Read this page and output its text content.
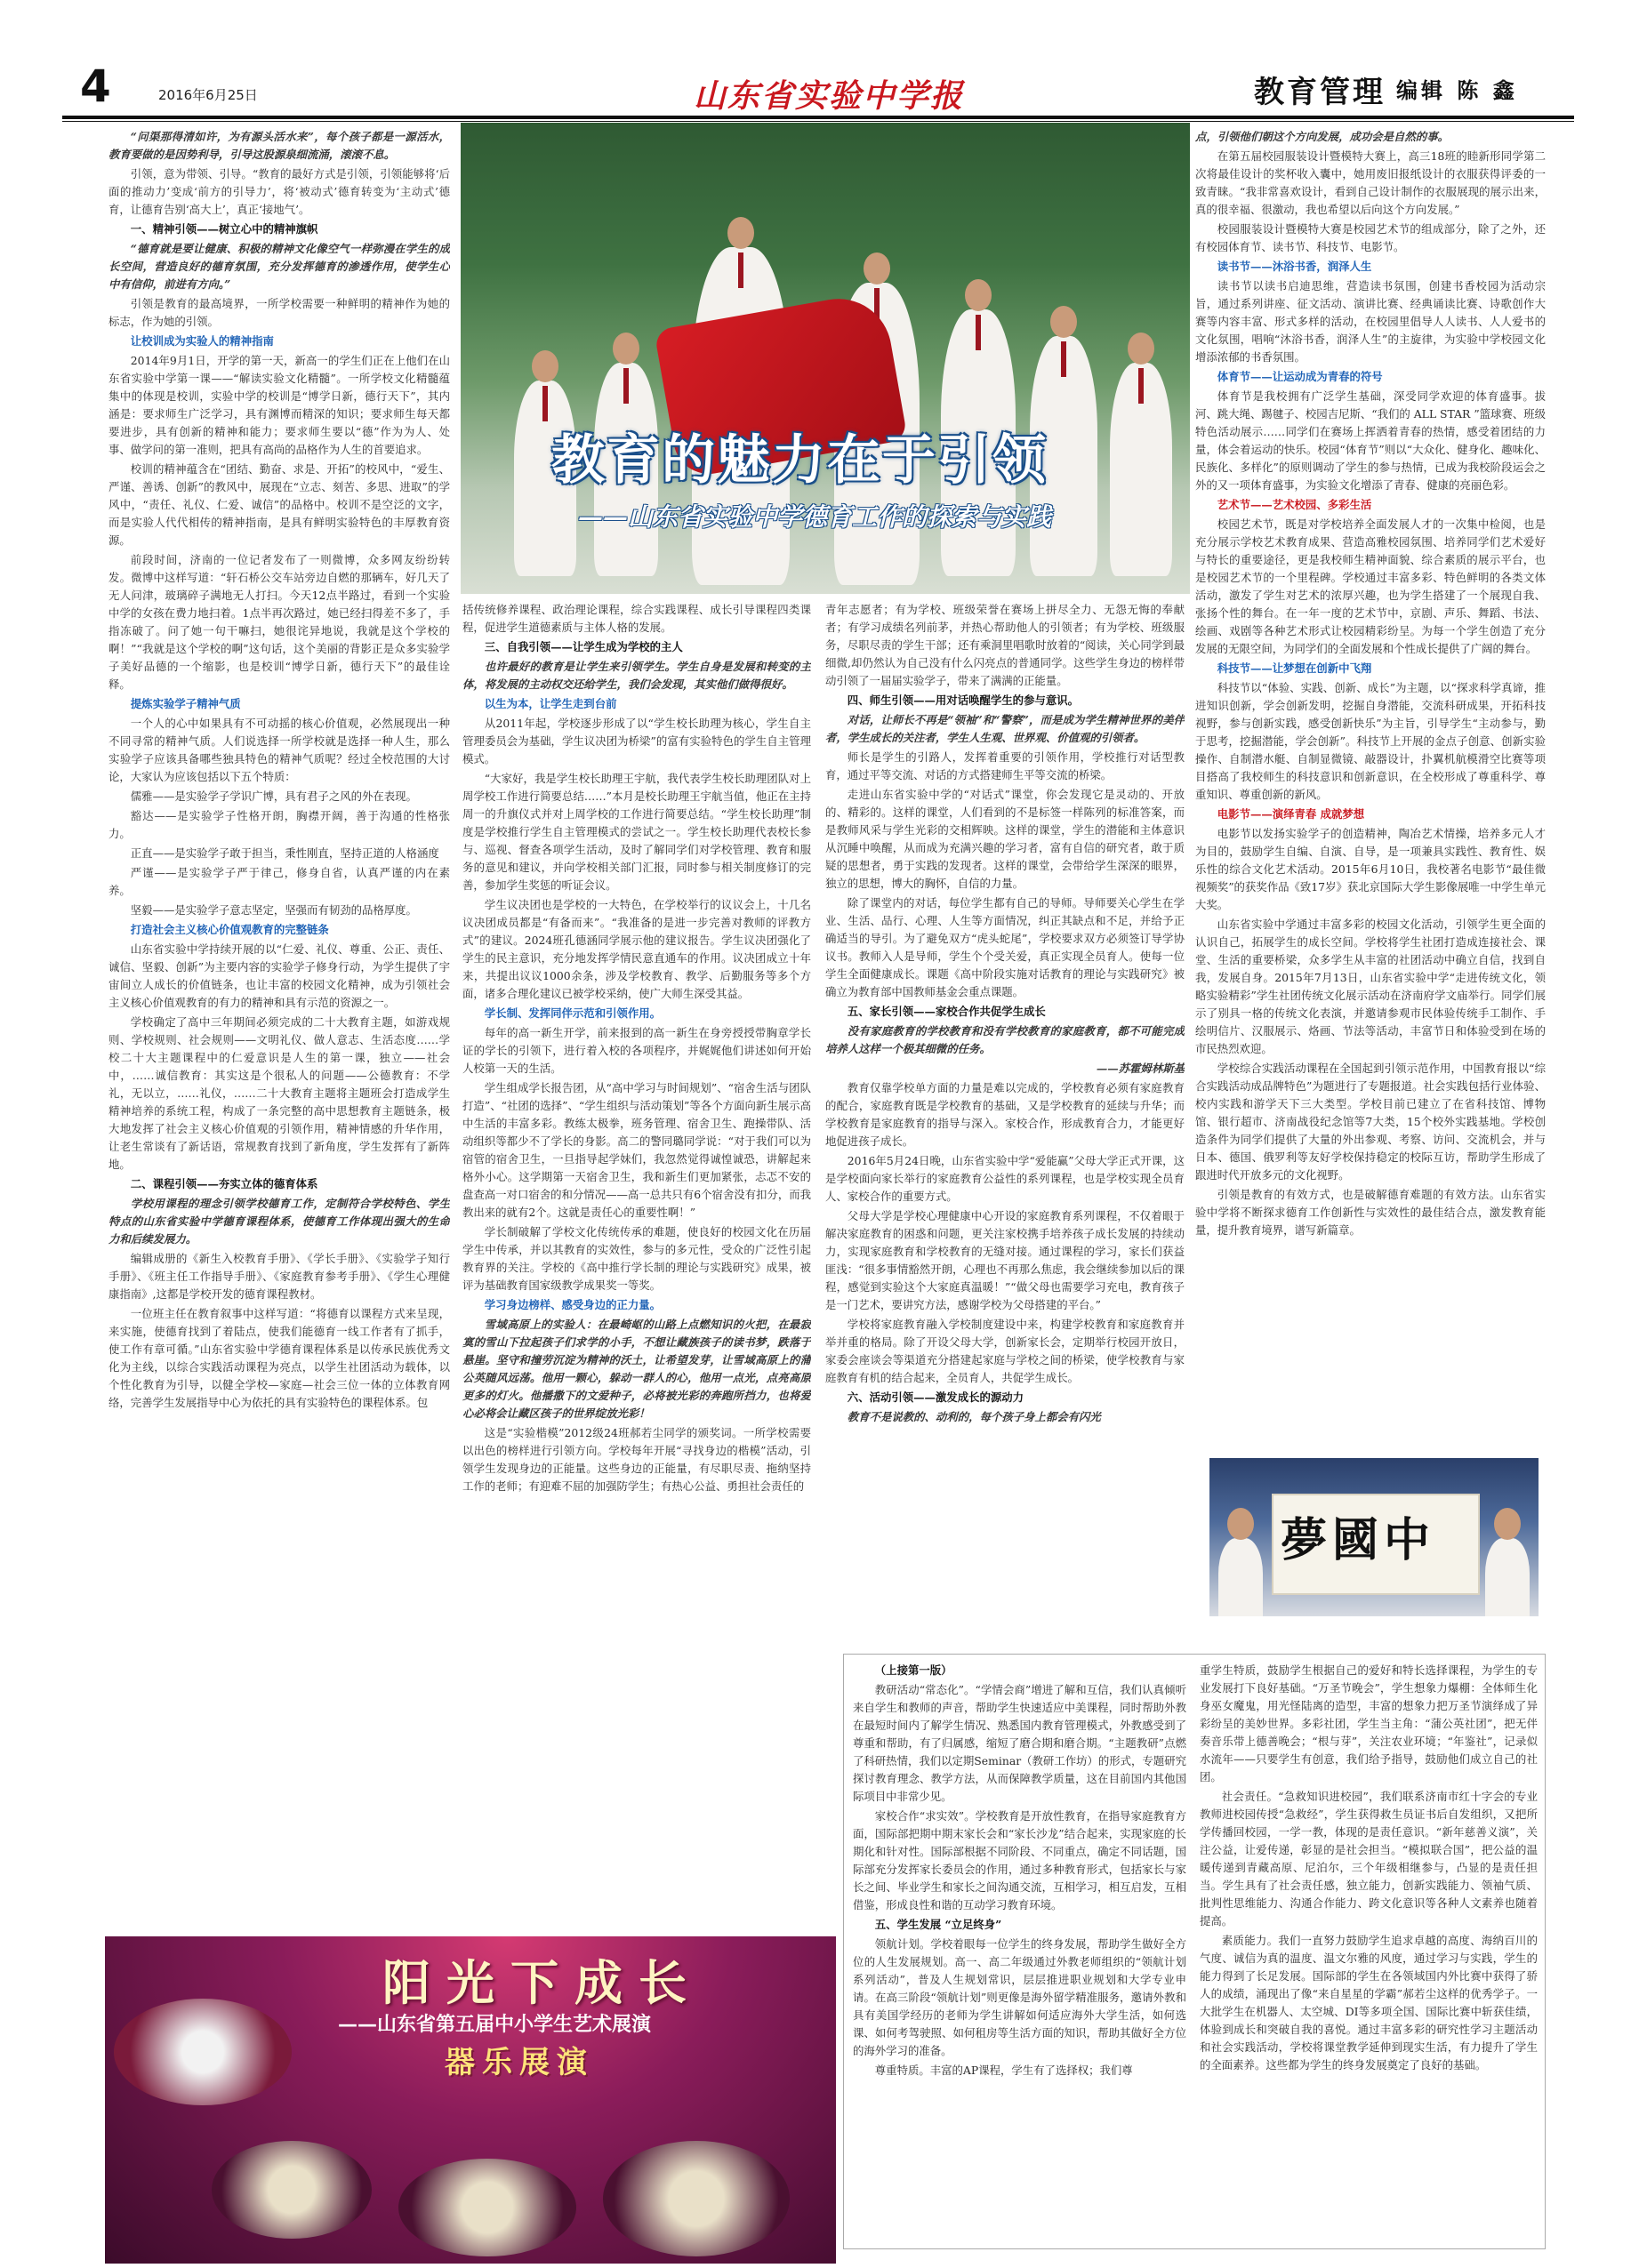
4	2016年6月25日	山东省实验中学报	教育管理 编辑 陈 鑫

“问渠那得清如许，为有源头活水来”，每个孩子都是一源活水，教育要做的是因势利导，引导这股源泉细流涌，滚滚不息。

引领，意为带领、引导。“教育的最好方式是引领，引领能够将‘后面的推动力’变成‘前方的引导力’，将‘被动式’德育转变为‘主动式’德育，让德育告别‘高大上’，真正‘接地气’。

一、精神引领——树立心中的精神旗帜

“德育就是要让健康、积极的精神文化像空气一样弥漫在学生的成长空间，营造良好的德育氛围，充分发挥德育的渗透作用，使学生心中有信仰，前进有方向。”

引领是教育的最高境界，一所学校需要一种鲜明的精神作为她的标志，作为她的引领。

让校训成为实验人的精神指南

2014年9月1日，开学的第一天，新高一的学生们正在上他们在山东省实验中学第一课——“解读实验文化精髓”。一所学校文化精髓蕴集中的体现是校训，实验中学的校训是“博学日新，德行天下”，其内涵是：要求师生广泛学习，具有渊博而精深的知识；要求师生每天都要进步，具有创新的精神和能力；要求师生要以“德”作为为人、处事、做学问的第一准则，把具有高尚的品格作为人生的首要追求。

校训的精神蕴含在“团结、勤奋、求是、开拓”的校风中，“爱生、严谨、善诱、创新”的教风中，展现在“立志、刻苦、多思、进取”的学风中，“责任、礼仪、仁爱、诚信”的品格中。校训不是空泛的文字，而是实验人代代相传的精神指南，是具有鲜明实验特色的丰厚教育资源。

前段时间，济南的一位记者发布了一则微博，众多网友纷纷转发。微博中这样写道：“轩石桥公交车站旁边自燃的那辆车，好几天了无人问津，玻璃碎子满地无人打扫。今天12点半路过，看到一个实验中学的女孩在费力地扫着。1点半再次路过，她已经扫得差不多了，手指冻破了。问了她一句干嘛扫，她很诧异地说，我就是这个学校的啊！”“我就是这个学校的啊”这句话，这个美丽的背影正是众多实验学子美好品德的一个缩影，也是校训“博学日新，德行天下”的最佳诠释。

提炼实验学子精神气质

一个人的心中如果具有不可动摇的核心价值观，必然展现出一种不同寻常的精神气质。人们说选择一所学校就是选择一种人生，那么实验学子应该具备哪些独具特色的精神气质呢？经过全校范围的大讨论，大家认为应该包括以下五个特质：

儒雅——是实验学子学识广博，具有君子之风的外在表现。

豁达——是实验学子性格开朗，胸襟开阔，善于沟通的性格张力。

正直——是实验学子敢于担当，秉性刚直，坚持正道的人格涵度

严谨——是实验学子严于律己，修身自省，认真严谨的内在素养。

坚毅——是实验学子意志坚定，坚强而有韧劲的品格厚度。

打造社会主义核心价值观教育的完整链条

山东省实验中学持续开展的以“仁爱、礼仪、尊重、公正、责任、诚信、坚毅、创新”为主要内容的实验学子修身行动，为学生提供了宇宙间立人成长的价值链条，也让丰富的校园文化精神，成为引领社会主义核心价值观教育的有力的精神和具有示范的资源之一。

学校确定了高中三年期间必须完成的二十大教育主题，如游戏规则、学校规则、社会规则——文明礼仪、做人意志、生活态度……学校二十大主题课程中的仁爱意识是人生的第一课，独立——社会中，……诚信教育：其实这是个很私人的问题——公德教育：不学礼，无以立，……礼仪，……二十大教育主题将主题班会打造成学生精神培养的系统工程，构成了一条完整的高中思想教育主题链条，极大地发挥了社会主义核心价值观的引领作用，精神情感的升华作用，让老生常谈有了新话语，常规教育找到了新角度，学生发挥有了新阵地。

二、课程引领——夯实立体的德育体系

学校用课程的理念引领学校德育工作，定制符合学校特色、学生特点的山东省实验中学德育课程体系，使德育工作体现出强大的生命力和后续发展力。

编辑成册的《新生入校教育手册》、《学长手册》、《实验学子知行手册》、《班主任工作指导手册》、《家庭教育参考手册》、《学生心理健康指南》,这都是学校开发的德育课程教材。

一位班主任在教育叙事中这样写道：“将德育以课程方式来呈现，来实施，使德育找到了着陆点，使我们能德育一线工作者有了抓手，使工作有章可循。”山东省实验中学德育课程体系是以传承民族优秀文化为主线，以综合实践活动课程为亮点，以学生社团活动为载体，以个性化教育为引导，以健全学校—家庭—社会三位一体的立体教育网络，完善学生发展指导中心为依托的具有实验特色的课程体系。包

教育的魅力在于引领
——山东省实验中学德育工作的探索与实践

括传统修养课程、政治理论课程，综合实践课程、成长引导课程四类课程，促进学生道德素质与主体人格的发展。

三、自我引领——让学生成为学校的主人

也许最好的教育是让学生来引领学生。学生自身是发展和转变的主体，将发展的主动权交还给学生，我们会发现，其实他们做得很好。

以生为本，让学生走到台前

从2011年起，学校逐步形成了以“学生校长助理为核心，学生自主管理委员会为基础，学生议决团为桥梁”的富有实验特色的学生自主管理模式。

“大家好，我是学生校长助理王宇航，我代表学生校长助理团队对上周学校工作进行简要总结……”本月是校长助理王宇航当值，他正在主持周一的升旗仪式并对上周学校的工作进行简要总结。“学生校长助理”制度是学校推行学生自主管理模式的尝试之一。学生校长助理代表校长参与、巡视、督查各项学生活动，及时了解同学们对学校管理、教育和服务的意见和建议，并向学校相关部门汇报，同时参与相关制度修订的完善，参加学生奖惩的听证会议。

学生议决团也是学校的一大特色，在学校举行的议议会上，十几名议决团成员都是“有备而来”。“我准备的是进一步完善对教师的评教方式”的建议。2024班孔德涵同学展示他的建议报告。学生议决团强化了学生的民主意识，充分地发挥学情民意直通车的作用。议决团成立十年来，共提出议议1000余条，涉及学校教育、教学、后勤服务等多个方面，诸多合理化建议已被学校采纳，使广大师生深受其益。

学长制、发挥同伴示范和引领作用。

每年的高一新生开学，前来报到的高一新生在身旁授授带胸章学长证的学长的引领下，进行着入校的各项程序，并娓娓他们讲述如何开始人校第一天的生活。

学生组成学长报告团，从“高中学习与时间规划”、“宿舍生活与团队打造”、“社团的选择”、“学生组织与活动策划”等各个方面向新生展示高中生活的丰富多彩。教练太极拳，班务管理、宿舍卫生、跑操带队、活动组织等都少不了学长的身影。高二的警同璐同学说：“对于我们可以为宿管的宿舍卫生，一旦指导起学妹们，我忽然觉得诚惶诚恐，讲解起来格外小心。这学期第一天宿舍卫生，我和新生们更加紧张，忐忑不安的盘查高一对口宿舍的和分情况——高一总共只有6个宿舍没有扣分，而我教出来的就有2个。这就是责任心的重要性啊！”

学长制破解了学校文化传统传承的难题，使良好的校园文化在历届学生中传承，并以其教育的实效性，参与的多元性，受众的广泛性引起教育界的关注。学校的《高中推行学长制的理论与实践研究》成果，被评为基础教育国家级教学成果奖一等奖。

学习身边榜样、感受身边的正力量。

雪域高原上的实验人：在最崎岖的山路上点燃知识的火把，在最寂寞的雪山下拉起孩子们求学的小手，不想让藏族孩子的读书梦，跌落于悬崖。坚守和撞劳沉淀为精神的沃土，让希望发芽，让雪域高原上的蒲公英随风远荡。他用一颗心，躲动一群人的心，他用一点光，点亮高原更多的灯火。他播撒下的文爱种子，必将被光彩的奔跑所挡力，也将爱心必将会让藏区孩子的世界绽放光彩！

这是“实验楷模”2012级24班郝若尘同学的颁奖词。一所学校需要以出色的榜样进行引领方向。学校每年开展“寻找身边的楷模”活动，引领学生发现身边的正能量。这些身边的正能量，有尽职尽责、拖纳坚持工作的老师；有迎难不屈的加强防学生；有热心公益、勇担社会责任的

青年志愿者；有为学校、班级荣誉在赛场上拼尽全力、无怨无悔的奉献者；有学习成绩名列前茅，并热心帮助他人的引领者；有为学校、班级服务，尽职尽责的学生干部；还有乘洞里唱歌时放着的“阅读，关心同学到最细微,却仍然认为自己没有什么闪亮点的普通同学。这些学生身边的榜样带动引领了一届届实验学子，带来了满满的正能量。

四、师生引领——用对话唤醒学生的参与意识。

对话，让师长不再是“领袖”和“警察”，而是成为学生精神世界的美伴者，学生成长的关注者，学生人生观、世界观、价值观的引领者。

师长是学生的引路人，发挥着重要的引领作用，学校推行对话型教育，通过平等交流、对话的方式搭建师生平等交流的桥梁。

走进山东省实验中学的“对话式”课堂，你会发现它是灵动的、开放的、精彩的。这样的课堂，人们看到的不是标签一样陈列的标准答案，而是教师风采与学生光彩的交相辉映。这样的课堂，学生的潜能和主体意识从沉睡中唤醒，从而成为充满兴趣的学习者，富有自信的研究者，敢于质疑的思想者，勇于实践的发现者。这样的课堂，会带给学生深深的眼界，独立的思想，博大的胸怀，自信的力量。

除了课堂内的对话，每位学生都有自己的导师。导师要关心学生在学业、生活、品行、心理、人生等方面情况，纠正其缺点和不足，并给予正确适当的导引。为了避免双方“虎头蛇尾”，学校要求双方必须签订导学协议书。教师入人是导师，学生个个受关爱，真正实现全员育人。使每一位学生全面健康成长。课题《高中阶段实施对话教育的理论与实践研究》被确立为教育部中国教师基金会重点课题。

五、家长引领——家校合作共促学生成长

没有家庭教育的学校教育和没有学校教育的家庭教育，都不可能完成培养人这样一个极其细微的任务。

——苏霍姆林斯基

教育仅靠学校单方面的力量是难以完成的，学校教育必须有家庭教育的配合，家庭教育既是学校教育的基础，又是学校教育的延续与升华；而学校教育是家庭教育的指导与深入。家校合作，形成教育合力，才能更好地促进孩子成长。

2016年5月24日晚，山东省实验中学“爱能赢”父母大学正式开课，这是学校面向家长举行的家庭教育公益性的系列课程，也是学校实现全员育人、家校合作的重要方式。

父母大学是学校心理健康中心开设的家庭教育系列课程，不仅着眼于解决家庭教育的困惑和问题，更关注家校携手培养孩子成长发展的持续动力，实现家庭教育和学校教育的无缝对接。通过课程的学习，家长们获益匪浅：“很多事情豁然开朗，心理也不再那么焦虑，我会继续参加以后的课程，感觉到实验这个大家庭真温暖！”“做父母也需要学习充电，教育孩子是一门艺术，要讲究方法，感谢学校为父母搭建的平台。”

学校将家庭教育融入学校制度建设中来，构建学校教育和家庭教育并举并重的格局。除了开设父母大学，创新家长会，定期举行校园开放日，家委会座谈会等渠道充分搭建起家庭与学校之间的桥梁，使学校教育与家庭教育有机的结合起来，全员育人，共促学生成长。

六、活动引领——激发成长的源动力

教育不是说教的、动利的，每个孩子身上都会有闪光

点，引领他们朝这个方向发展，成功会是自然的事。

在第五届校园服装设计暨模特大赛上，高三18班的睦新形同学第二次将最佳设计的奖杯收入囊中，她用废旧报纸设计的衣服获得评委的一致青睐。“我非常喜欢设计，看到自己设计制作的衣服展现的展示出来，真的很幸福、很激动，我也希望以后向这个方向发展。”

校园服装设计暨模特大赛是校园艺术节的组成部分，除了之外，还有校园体育节、读书节、科技节、电影节。

读书节——沐浴书香，润泽人生

读书节以读书启迪思维，营造读书氛围，创建书香校园为活动宗旨，通过系列讲座、征文活动、演讲比赛、经典诵读比赛、诗歌创作大赛等内容丰富、形式多样的活动，在校园里倡导人人读书、人人爱书的文化氛围，唱响“沐浴书香，润泽人生”的主旋律，为实验中学校园文化增添浓郁的书香氛围。

体育节——让运动成为青春的符号

体育节是我校拥有广泛学生基础，深受同学欢迎的体育盛事。拔河、跳大绳、踢毽子、校园吉尼斯、“我们的 ALL STAR ”篮球赛、班级特色活动展示……同学们在赛场上挥洒着青春的热情，感受着团结的力量，体会着运动的快乐。校园“体育节”则以“大众化、健身化、趣味化、民族化、多样化”的原则调动了学生的参与热情，已成为我校阶段运会之外的又一项体育盛事，为实验文化增添了青春、健康的亮丽色彩。

艺术节——艺术校园、多彩生活

校园艺术节，既是对学校培养全面发展人才的一次集中检阅，也是充分展示学校艺术教育成果、营造高雅校园氛围、培养同学们艺术爱好与特长的重要途径，更是我校师生精神面貌、综合素质的展示平台，也是校园艺术节的一个里程碑。学校通过丰富多彩、特色鲜明的各类文体活动，激发了学生对艺术的浓厚兴趣，也为学生搭建了一个展现自我、张扬个性的舞台。在一年一度的艺术节中，京剧、声乐、舞蹈、书法、绘画、戏剧等各种艺术形式让校园精彩纷呈。为每一个学生创造了充分发展的无限空间，为同学们的全面发展和个性成长提供了广阔的舞台。

科技节——让梦想在创新中飞翔

科技节以“体验、实践、创新、成长”为主题，以“探求科学真谛，推进知识创新，学会创新发明，挖掘自身潜能，交流科研成果，开拓科技视野，参与创新实践，感受创新快乐”为主旨，引导学生“主动参与，勤于思考，挖掘潜能，学会创新”。科技节上开展的金点子创意、创新实验操作、自制潜水艇、自制显微镜、敲器设计，扑翼机航模滑空比赛等项目搭高了我校师生的科技意识和创新意识，在全校形成了尊重科学、尊重知识、尊重创新的新风。

电影节——演绎青春 成就梦想

电影节以发扬实验学子的创造精神，陶冶艺术情操，培养多元人才为目的，鼓励学生自编、自演、自导，是一项兼具实践性、教育性、娱乐性的综合文化艺术活动。2015年6月10日，我校著名电影节“最佳微视频奖”的获奖作品《致17岁》获北京国际大学生影像展唯一中学生单元大奖。

山东省实验中学通过丰富多彩的校园文化活动，引领学生更全面的认识自己，拓展学生的成长空间。学校将学生社团打造成连接社会、课堂、生活的重要桥梁，众多学生从丰富的社团活动中确立自信，找到自我，发展自身。2015年7月13日，山东省实验中学“走进传统文化，领略实验精彩”学生社团传统文化展示活动在济南府学文庙举行。同学们展示了别具一格的传统文化表演，并邀请参观市民体验传统手工制作、手绘明信片、汉服展示、烙画、节法等活动，丰富节日和体验受到在场的市民热烈欢迎。

学校综合实践活动课程在全国起到引领示范作用，中国教育报以“综合实践活动成品牌特色”为题进行了专题报道。社会实践包括行业体验、校内实践和游学天下三大类型。学校目前已建立了在省科技馆、博物馆、银行超市、济南战役纪念馆等7大类，15个校外实践基地。学校创造条件为同学们提供了大量的外出参观、考察、访问、交流机会，并与日本、德国、俄罗利等友好学校保持稳定的校际互访，帮助学生形成了跟进时代开放多元的文化视野。

引领是教育的有效方式，也是破解德育难题的有效方法。山东省实验中学将不断探求德育工作创新性与实效性的最佳结合点，激发教育能量，提升教育境界，谱写新篇章。

夢國中

（上接第一版）

教研活动“常态化”。“学情会商”增进了解和互信，我们认真倾听来自学生和教师的声音，帮助学生快速适应中美课程，同时帮助外教在最短时间内了解学生情况、熟悉国内教育管理模式，外教感受到了尊重和帮助，有了归属感，缩短了磨合期和磨合期。“主题教研”点燃了科研热情，我们以定期Seminar（教研工作坊）的形式，专题研究探讨教育理念、教学方法，从而保障教学质量，这在目前国内其他国际项目中非常少见。

家校合作“求实效”。学校教育是开放性教育，在指导家庭教育方面，国际部把期中期末家长会和“家长沙龙”结合起来，实现家庭的长期化和针对性。国际部根据不同阶段、不同重点，确定不同话题，国际部充分发挥家长委员会的作用，通过多种教育形式，包括家长与家长之间、毕业学生和家长之间沟通交流，互相学习，相互启发，互相借鉴，形成良性和谐的互动学习教育环境。

五、学生发展 “立足终身”

领航计划。学校着眼每一位学生的终身发展，帮助学生做好全方位的人生发展规划。高一、高二年级通过外教老师组织的“领航计划系列活动”，普及人生规划常识，层层推进职业规划和大学专业申请。在高三阶段“领航计划”则更像是海外留学精准服务，邀请外教和具有美国学经历的老师为学生讲解如何适应海外大学生活，如何选课、如何考驾驶照、如何租房等生活方面的知识，帮助其做好全方位的海外学习的准备。

尊重特质。丰富的AP课程，学生有了选择权；我们尊

重学生特质，鼓励学生根据自己的爱好和特长选择课程，为学生的专业发展打下良好基础。“万圣节晚会”，学生想象力爆棚：全体师生化身巫女魔鬼，用光怪陆离的造型，丰富的想象力把万圣节演绎成了异彩纷呈的美妙世界。多彩社团，学生当主角：“蒲公英社团”，把无伴奏音乐带上德善晚会；“根与芽”，关注农业环境；“年鉴社”，记录似水流年——只要学生有创意，我们给予指导，鼓励他们成立自己的社团。

社会责任。“急救知识进校园”，我们联系济南市红十字会的专业教师进校园传授“急救经”，学生获得救生员证书后自发组织，又把所学传播回校园，一学一教，体现的是责任意识。“新年慈善义演”，关注公益，让爱传递，彰显的是社会担当。“模拟联合国”，把公益的温暖传递到青藏高原、尼泊尔，三个年级相继参与，凸显的是责任担当。学生具有了社会责任感，独立能力，创新实践能力、领袖气质、批判性思维能力、沟通合作能力、跨文化意识等各种人文素养也随着提高。

素质能力。我们一直努力鼓励学生追求卓越的高度、海纳百川的气度、诚信为真的温度、温文尔雅的风度，通过学习与实践，学生的能力得到了长足发展。国际部的学生在各领域国内外比赛中获得了骄人的成绩，涌现出了像“来自星星的学霸”郝若尘这样的优秀学子。一大批学生在机器人、太空城、DI等多项全国、国际比赛中斩获佳绩，体验到成长和突破自我的喜悦。通过丰富多彩的研究性学习主题活动和社会实践活动，学校将课堂教学延伸到现实生活，有力提升了学生的全面素养。这些都为学生的终身发展奠定了良好的基础。

阳光下成长
——山东省第五届中小学生艺术展演
器乐展演
